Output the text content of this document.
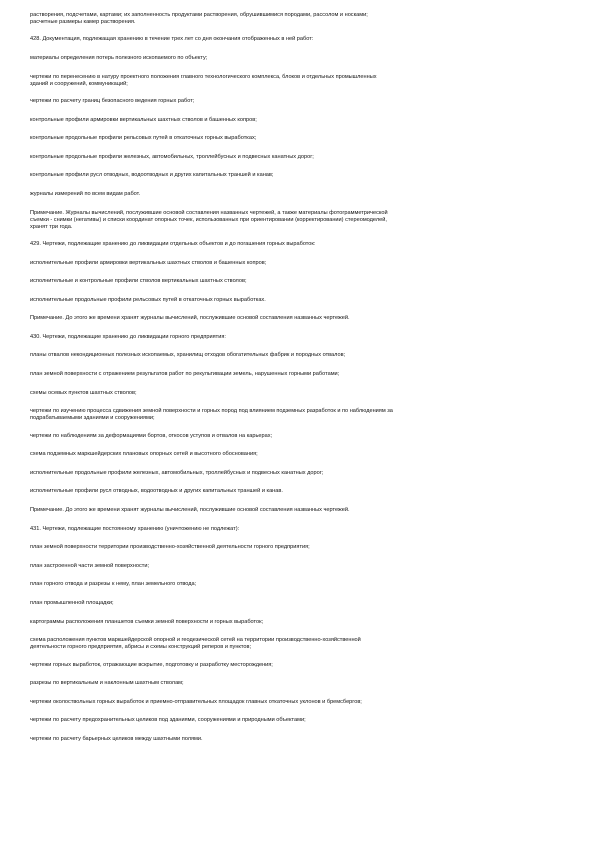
растворения, подсчетами, картами; их заполненность продуктами растворения, обрушившимися породами, рассолом и носками;
расчетные размеры камер растворения.

428. Документация, подлежащая хранению в течение трех лет со дня окончания отображенных в ней работ:

материалы определения потерь полезного ископаемого по объекту;

чертежи по перенесению в натуру проектного положения главного технологического комплекса, блоков и отдельных промышленных
зданий и сооружений, коммуникаций;

чертежи по расчету границ безопасного ведения горных работ;

контрольные профили армировки вертикальных шахтных стволов и башенных копров;

контрольные продольные профили рельсовых путей в откаточных горных выработках;

контрольные продольные профили железных, автомобильных, троллейбусных и подвесных канатных дорог;

контрольные профили русл отводных, водоотводных и других капитальных траншей и канав;

журналы измерений по всем видам работ.

Примечание. Журналы вычислений, послужившие основой составления названных чертежей, а также материалы фотограмметрической
съемки - снимки (негативы) и списки координат опорных точек, использованных при ориентировании (корректировании) стереомоделей,
хранят три года.

429. Чертежи, подлежащие хранению до ликвидации отдельных объектов и до погашения горных выработок:

исполнительные профили армировки вертикальных шахтных стволов и башенных копров;

исполнительные и контрольные профили стволов вертикальных шахтных стволов;

исполнительные продольные профили рельсовых путей в откаточных горных выработках.

Примечание. До этого же времени хранят журналы вычислений, послужившие основой составления названных чертежей.

430. Чертежи, подлежащие хранению до ликвидации горного предприятия:

планы отвалов некондиционных полезных ископаемых, хранилищ отходов обогатительных фабрик и породных отвалов;

план земной поверхности с отражением результатов работ по рекультивации земель, нарушенных горными работами;

схемы осевых пунктов шахтных стволов;

чертежи по изучению процесса сдвижения земной поверхности и горных пород под влиянием подземных разработок и по наблюдениям за
подрабатываемыми зданиями и сооружениями;

чертежи по наблюдениям за деформациями бортов, откосов уступов и отвалов на карьерах;

схема подземных маркшейдерских плановых опорных сетей и высотного обоснования;

исполнительные продольные профили железных, автомобильных, троллейбусных и подвесных канатных дорог;

исполнительные профили русл отводных, водоотводных и других капитальных траншей и канав.

Примечание. До этого же времени хранят журналы вычислений, послужившие основой составления названных чертежей.

431. Чертежи, подлежащие постоянному хранению (уничтожению не подлежат):

план земной поверхности территории производственно-хозяйственной деятельности горного предприятия;

план застроенной части земной поверхности;

план горного отвода и разрезы к нему, план земельного отвода;

план промышленной площадки;

картограммы расположения планшетов съемки земной поверхности и горных выработок;

схема расположения пунктов маркшейдерской опорной и геодезической сетей на территории производственно-хозяйственной
деятельности горного предприятия, абрисы и схемы конструкций реперов и пунктов;

чертежи горных выработок, отражающие вскрытие, подготовку и разработку месторождения;

разрезы по вертикальным и наклонным шахтным стволам;

чертежи околоствольных горных выработок и приемно-отправительных площадок главных откаточных уклонов и бремсбергов;

чертежи по расчету предохранительных целиков под зданиями, сооружениями и природными объектами;

чертежи по расчету барьерных целиков между шахтными полями.
